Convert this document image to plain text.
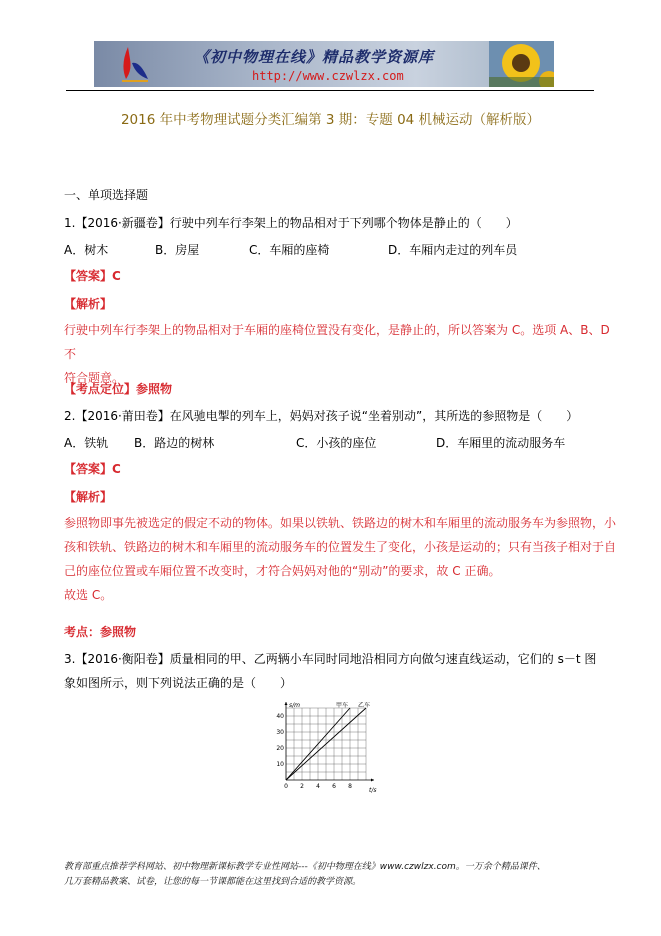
《初中物理在线》精品教学资源库
http://www.czwlzx.com
2016 年中考物理试题分类汇编第 3 期：专题 04 机械运动（解析版）
一、单项选择题
1.【2016·新疆卷】行驶中列车行李架上的物品相对于下列哪个物体是静止的（　　）
A．树木	B．房屋	C．车厢的座椅	D．车厢内走过的列车员
【答案】C
【解析】
行驶中列车行李架上的物品相对于车厢的座椅位置没有变化，是静止的，所以答案为 C。选项 A、B、D 不
符合题意。
【考点定位】参照物
2.【2016·莆田卷】在风驰电掣的列车上，妈妈对孩子说“坐着别动”，其所选的参照物是（　　）
A．铁轨 B．路边的树林	C．小孩的座位	D．车厢里的流动服务车
【答案】C
【解析】
参照物即事先被选定的假定不动的物体。如果以铁轨、铁路边的树木和车厢里的流动服务车为参照物，小
孩和铁轨、铁路边的树木和车厢里的流动服务车的位置发生了变化，小孩是运动的；只有当孩子相对于自
己的座位位置或车厢位置不改变时，才符合妈妈对他的“别动”的要求，故 C 正确。
故选 C。
考点：参照物
3.【2016·衡阳卷】质量相同的甲、乙两辆小车同时同地沿相同方向做匀速直线运动，它们的 s－t 图
象如图所示，则下列说法正确的是（　　）
0 2 4 6 8
10
20
30
40
s/m
t/s
甲车 乙车
教育部重点推荐学科网站、初中物理新课标教学专业性网站---《初中物理在线》www.czwlzx.com。一万余个精品课件、
几万套精品教案、试卷，让您的每一节课都能在这里找到合适的教学资源。
